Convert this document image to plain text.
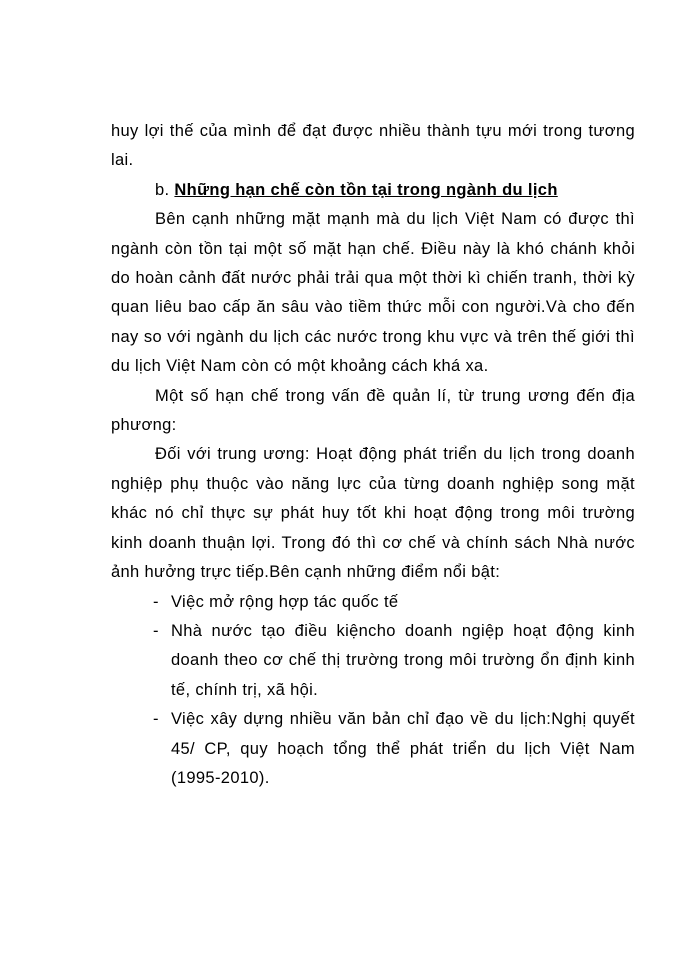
huy lợi thế của mình để đạt được nhiều thành tựu mới trong tương lai.

b. Những hạn chế còn tồn tại trong ngành du lịch

Bên cạnh những mặt mạnh mà du lịch Việt Nam có được thì ngành còn tồn tại một số mặt hạn chế. Điều này là khó chánh khỏi do hoàn cảnh đất nước phải trải qua một thời kì chiến tranh, thời kỳ quan liêu bao cấp ăn sâu vào tiềm thức mỗi con người.Và cho đến nay so với ngành du lịch các nước trong khu vực và trên thế giới thì du lịch Việt Nam còn có một khoảng cách khá xa.

Một số hạn chế trong vấn đề quản lí, từ trung ương đến địa phương:

Đối với trung ương: Hoạt động phát triển du lịch trong doanh nghiệp phụ thuộc vào năng lực của từng doanh nghiệp song mặt khác nó chỉ thực sự phát huy tốt khi hoạt động trong môi trường kinh doanh thuận lợi. Trong đó thì cơ chế và chính sách Nhà nước ảnh hưởng trực tiếp.Bên cạnh những điểm nổi bật:

- Việc mở rộng hợp tác quốc tế
- Nhà nước tạo điều kiệncho doanh ngiệp hoạt động kinh doanh theo cơ chế thị trường trong môi trường ổn định kinh tế, chính trị, xã hội.
- Việc xây dựng nhiều văn bản chỉ đạo về du lịch:Nghị quyết 45/ CP, quy hoạch tổng thể phát triển du lịch Việt Nam (1995-2010).
